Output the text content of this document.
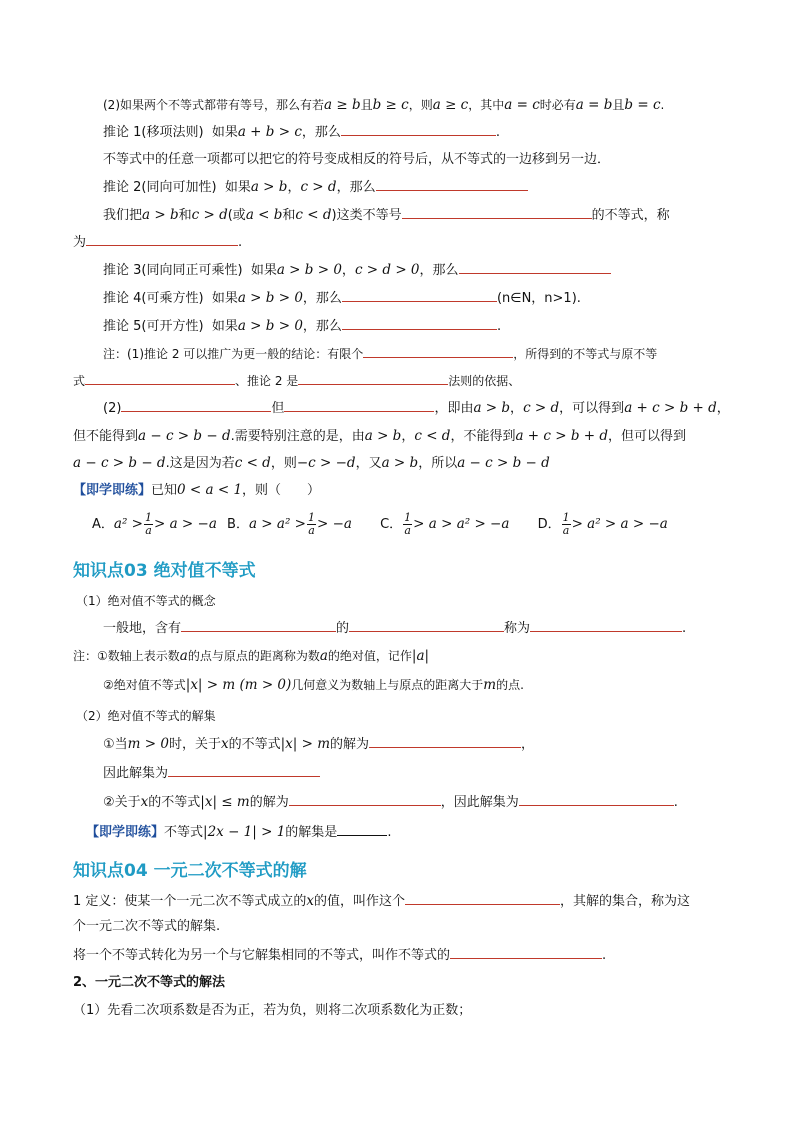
(2)如果两个不等式都带有等号，那么有若a ≥ b且b ≥ c，则a ≥ c，其中a = c时必有a = b且b = c.
推论 1(移项法则) 如果a + b > c，那么	.
不等式中的任意一项都可以把它的符号变成相反的符号后，从不等式的一边移到另一边．
推论 2(同向可加性) 如果a > b，c > d，那么
我们把a > b和c > d(或a < b和c < d)这类不等号	的不等式，称
为	.
推论 3(同向同正可乘性) 如果a > b > 0，c > d > 0，那么
推论 4(可乘方性) 如果a > b > 0，那么	(n∈N，n>1).
推论 5(可开方性) 如果a > b > 0，那么	.
注：(1)推论 2 可以推广为更一般的结论：有限个	，所得到的不等式与原不等
式	、推论 2 是	法则的依据、
(2)	但	，即由a > b，c > d，可以得到a + c > b + d，
但不能得到a − c > b − d.需要特别注意的是，由a > b，c < d，不能得到a + c > b + d，但可以得到
a − c > b − d.这是因为若c < d，则−c > −d，又a > b，所以a − c > b − d
【即学即练】已知0 < a < 1，则（　　）
A．$a^2 > \frac{1}{a} > a > -a$ B．$a > a^2 > \frac{1}{a} > -a$ C． $\frac{1}{a} > a > a^2 > -a$ D． $\frac{1}{a} > a^2 > a > -a$
知识点03 绝对值不等式
（1）绝对值不等式的概念
一般地，含有	的	称为	.
注：①数轴上表示数a的点与原点的距离称为数a的绝对值，记作|a|
②绝对值不等式|x| > m (m > 0)几何意义为数轴上与原点的距离大于m的点.
（2）绝对值不等式的解集
①当m > 0时，关于x的不等式|x| > m的解为	，
因此解集为
②关于x的不等式|x| ≤ m的解为	，因此解集为	.
【即学即练】不等式|2x − 1| > 1的解集是	.
知识点04 一元二次不等式的解
1 定义：使某一个一元二次不等式成立的x的值，叫作这个	，其解的集合，称为这
个一元二次不等式的解集.
将一个不等式转化为另一个与它解集相同的不等式，叫作不等式的	.
2、一元二次不等式的解法
（1）先看二次项系数是否为正，若为负，则将二次项系数化为正数；
